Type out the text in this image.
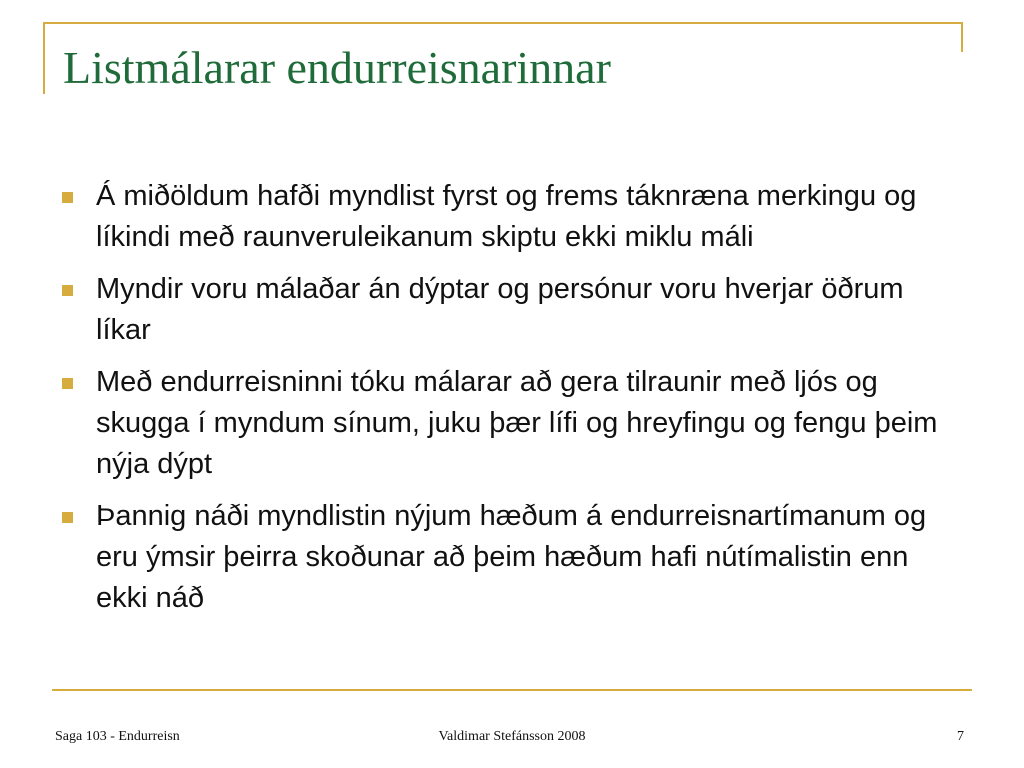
Listmálarar endurreisnarinnar
Á miðöldum hafði myndlist fyrst og frems táknræna merkingu og líkindi með raunveruleikanum skiptu ekki miklu máli
Myndir voru málaðar án dýptar og persónur voru hverjar öðrum líkar
Með endurreisninni tóku málarar að gera tilraunir með ljós og skugga í myndum sínum, juku þær lífi og hreyfingu og fengu þeim nýja dýpt
Þannig náði myndlistin nýjum hæðum á endurreisnartímanum og eru ýmsir þeirra skoðunar að þeim hæðum hafi nútímalistin enn ekki náð
Saga 103 - Endurreisn	Valdimar Stefánsson 2008	7
